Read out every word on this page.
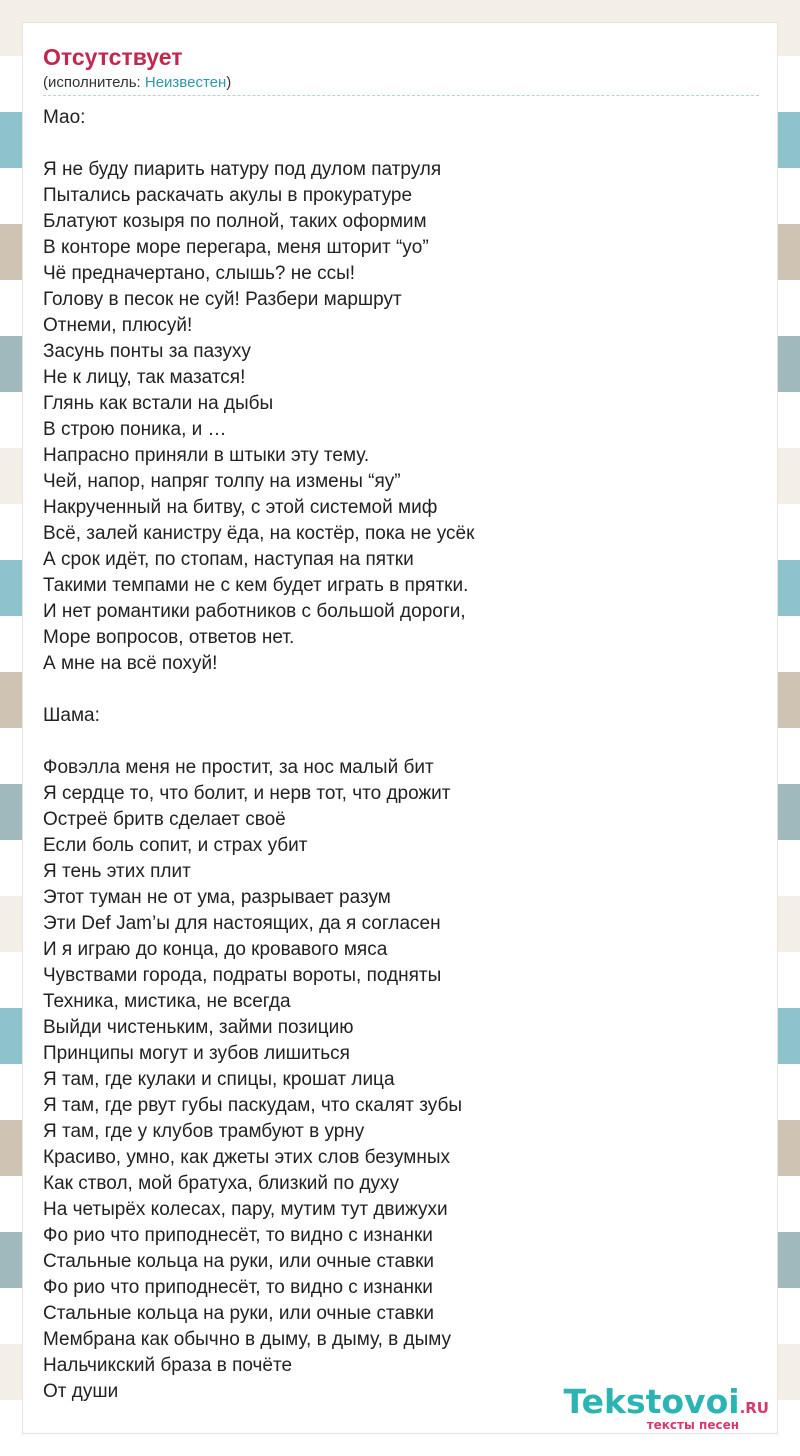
Отсутствует
(исполнитель: Неизвестен)
Мао:

Я не буду пиарить натуру под дулом патруля
Пытались раскачать акулы в прокуратуре
Блатуют козыря по полной, таких оформим
В конторе море перегара, меня шторит “yo”
Чё предначертано, слышь? не ссы!
Голову в песок не суй! Разбери маршрут
Отнеми, плюсуй!
Засунь понты за пазуху
Не к лицу, так мазатся!
Глянь как встали на дыбы
В строю поника, и …
Напрасно приняли в штыки эту тему.
Чей, напор, напряг толпу на измены “яу”
Накрученный на битву, с этой системой миф
Всё, залей канистру ёда, на костёр, пока не усёк
А срок идёт, по стопам, наступая на пятки
Такими темпами не с кем будет играть в прятки.
И нет романтики работников с большой дороги,
Море вопросов, ответов нет.
А мне на всё похуй!

Шама:

Фовэлла меня не простит, за нос малый бит
Я сердце то, что болит, и нерв тот, что дрожит
Остреё бритв сделает своё
Если боль сопит, и страх убит
Я тень этих плит
Этот туман не от ума, разрывает разум
Эти Def Jam’ы для настоящих, да я согласен
И я играю до конца, до кровавого мяса
Чувствами города, подраты вороты, подняты
Техника, мистика, не всегда
Выйди чистеньким, займи позицию
Принципы могут и зубов лишиться
Я там, где кулаки и спицы, крошат лица
Я там, где рвут губы паскудам, что скалят зубы
Я там, где у клубов трамбуют в урну
Красиво, умно, как джеты этих слов безумных
Как ствол, мой братуха, близкий по духу
На четырёх колесах, пару, мутим тут движухи
Фо рио что приподнесёт, то видно с изнанки
Стальные кольца на руки, или очные ставки
Фо рио что приподнесёт, то видно с изнанки
Стальные кольца на руки, или очные ставки
Мембрана как обычно в дыму, в дыму, в дыму
Нальчикский браза в почёте
От души	Tekstovoi.RU
тексты песен
